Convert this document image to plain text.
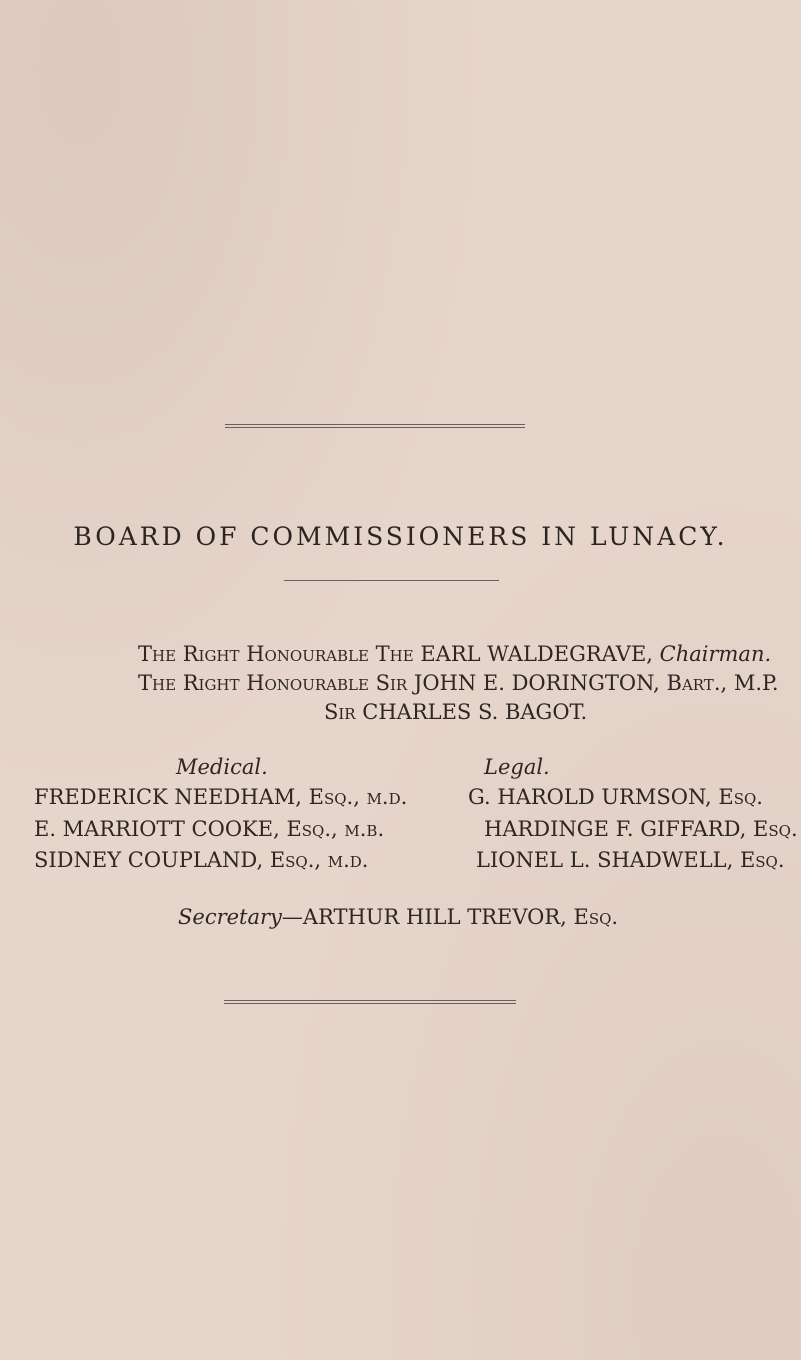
BOARD OF COMMISSIONERS IN LUNACY.
The Right Honourable The EARL WALDEGRAVE, Chairman.
The Right Honourable Sir JOHN E. DORINGTON, Bart., M.P.
Sir CHARLES S. BAGOT.
Medical.	Legal.
FREDERICK NEEDHAM, Esq., m.d.	G. HAROLD URMSON, Esq.
E. MARRIOTT COOKE, Esq., m.b.	HARDINGE F. GIFFARD, Esq.
SIDNEY COUPLAND, Esq., m.d.	LIONEL L. SHADWELL, Esq.
Secretary—ARTHUR HILL TREVOR, Esq.
